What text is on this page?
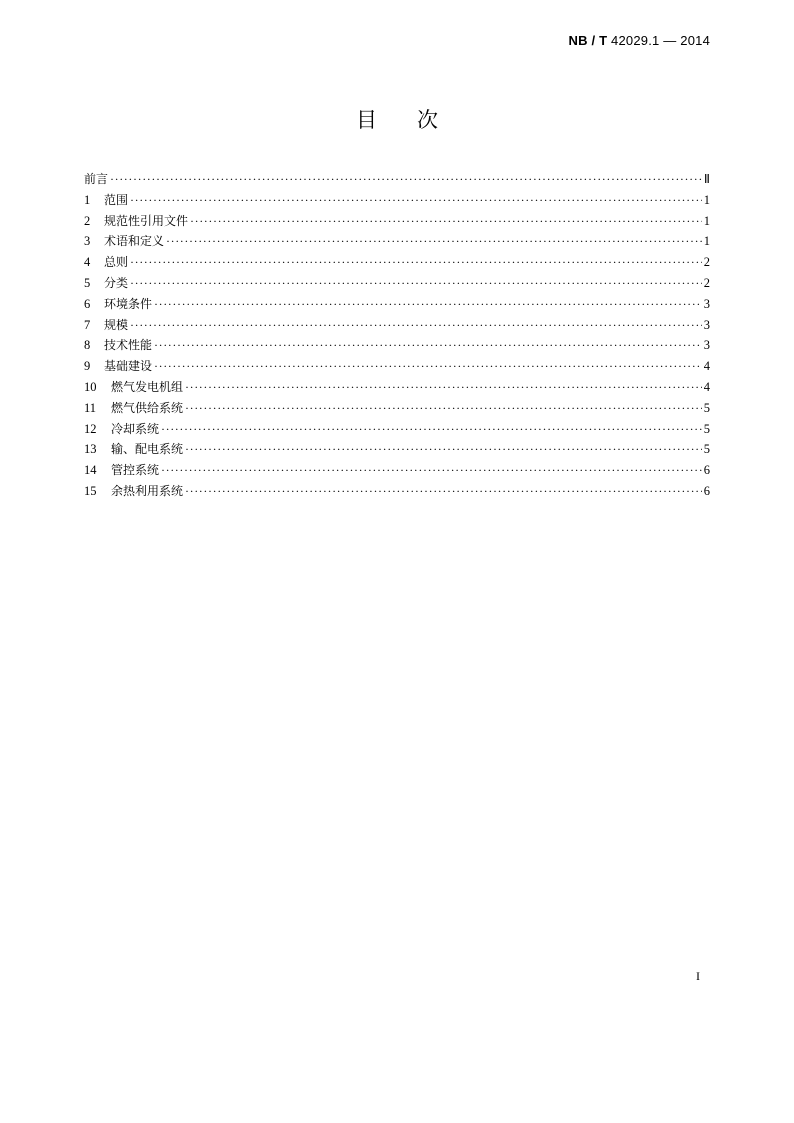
NB / T 42029.1 — 2014
目 次
前言 ·····	Ⅱ
1	范围 ·····	1
2	规范性引用文件 ·····	1
3	术语和定义 ·····	1
4	总则 ·····	2
5	分类 ·····	2
6	环境条件 ·····	3
7	规模 ·····	3
8	技术性能 ·····	3
9	基础建设 ·····	4
10	燃气发电机组 ·····	4
11	燃气供给系统 ·····	5
12	冷却系统 ·····	5
13	输、配电系统 ·····	5
14	管控系统 ·····	6
15	余热利用系统 ·····	6
I
